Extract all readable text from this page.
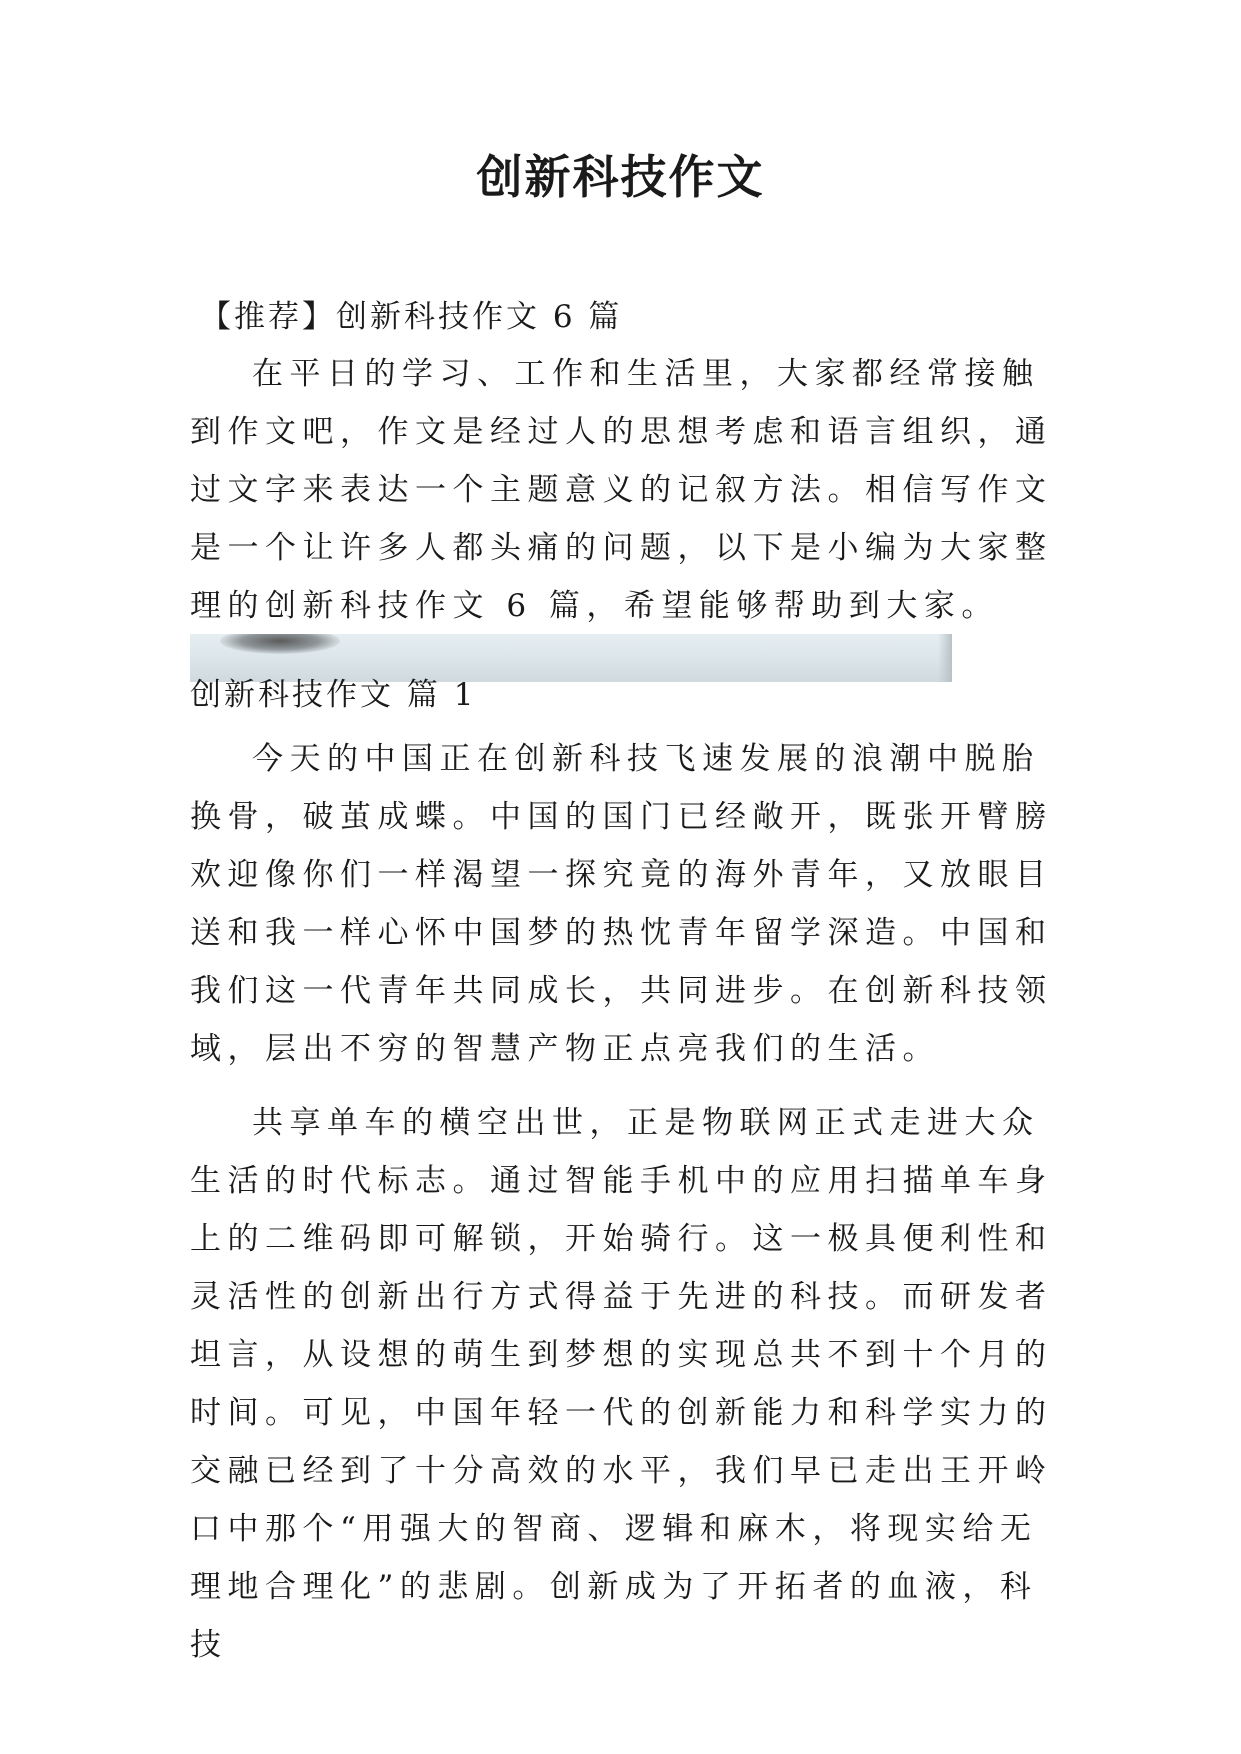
创新科技作文
【推荐】创新科技作文 6 篇

在平日的学习、工作和生活里，大家都经常接触到作文吧，作文是经过人的思想考虑和语言组织，通过文字来表达一个主题意义的记叙方法。相信写作文是一个让许多人都头痛的问题，以下是小编为大家整理的创新科技作文 6 篇，希望能够帮助到大家。

创新科技作文 篇 1

今天的中国正在创新科技飞速发展的浪潮中脱胎换骨，破茧成蝶。中国的国门已经敞开，既张开臂膀欢迎像你们一样渴望一探究竟的海外青年，又放眼目送和我一样心怀中国梦的热忱青年留学深造。中国和我们这一代青年共同成长，共同进步。在创新科技领域，层出不穷的智慧产物正点亮我们的生活。

共享单车的横空出世，正是物联网正式走进大众生活的时代标志。通过智能手机中的应用扫描单车身上的二维码即可解锁，开始骑行。这一极具便利性和灵活性的创新出行方式得益于先进的科技。而研发者坦言，从设想的萌生到梦想的实现总共不到十个月的时间。可见，中国年轻一代的创新能力和科学实力的交融已经到了十分高效的水平，我们早已走出王开岭口中那个“用强大的智商、逻辑和麻木，将现实给无理地合理化”的悲剧。创新成为了开拓者的血液，科技
